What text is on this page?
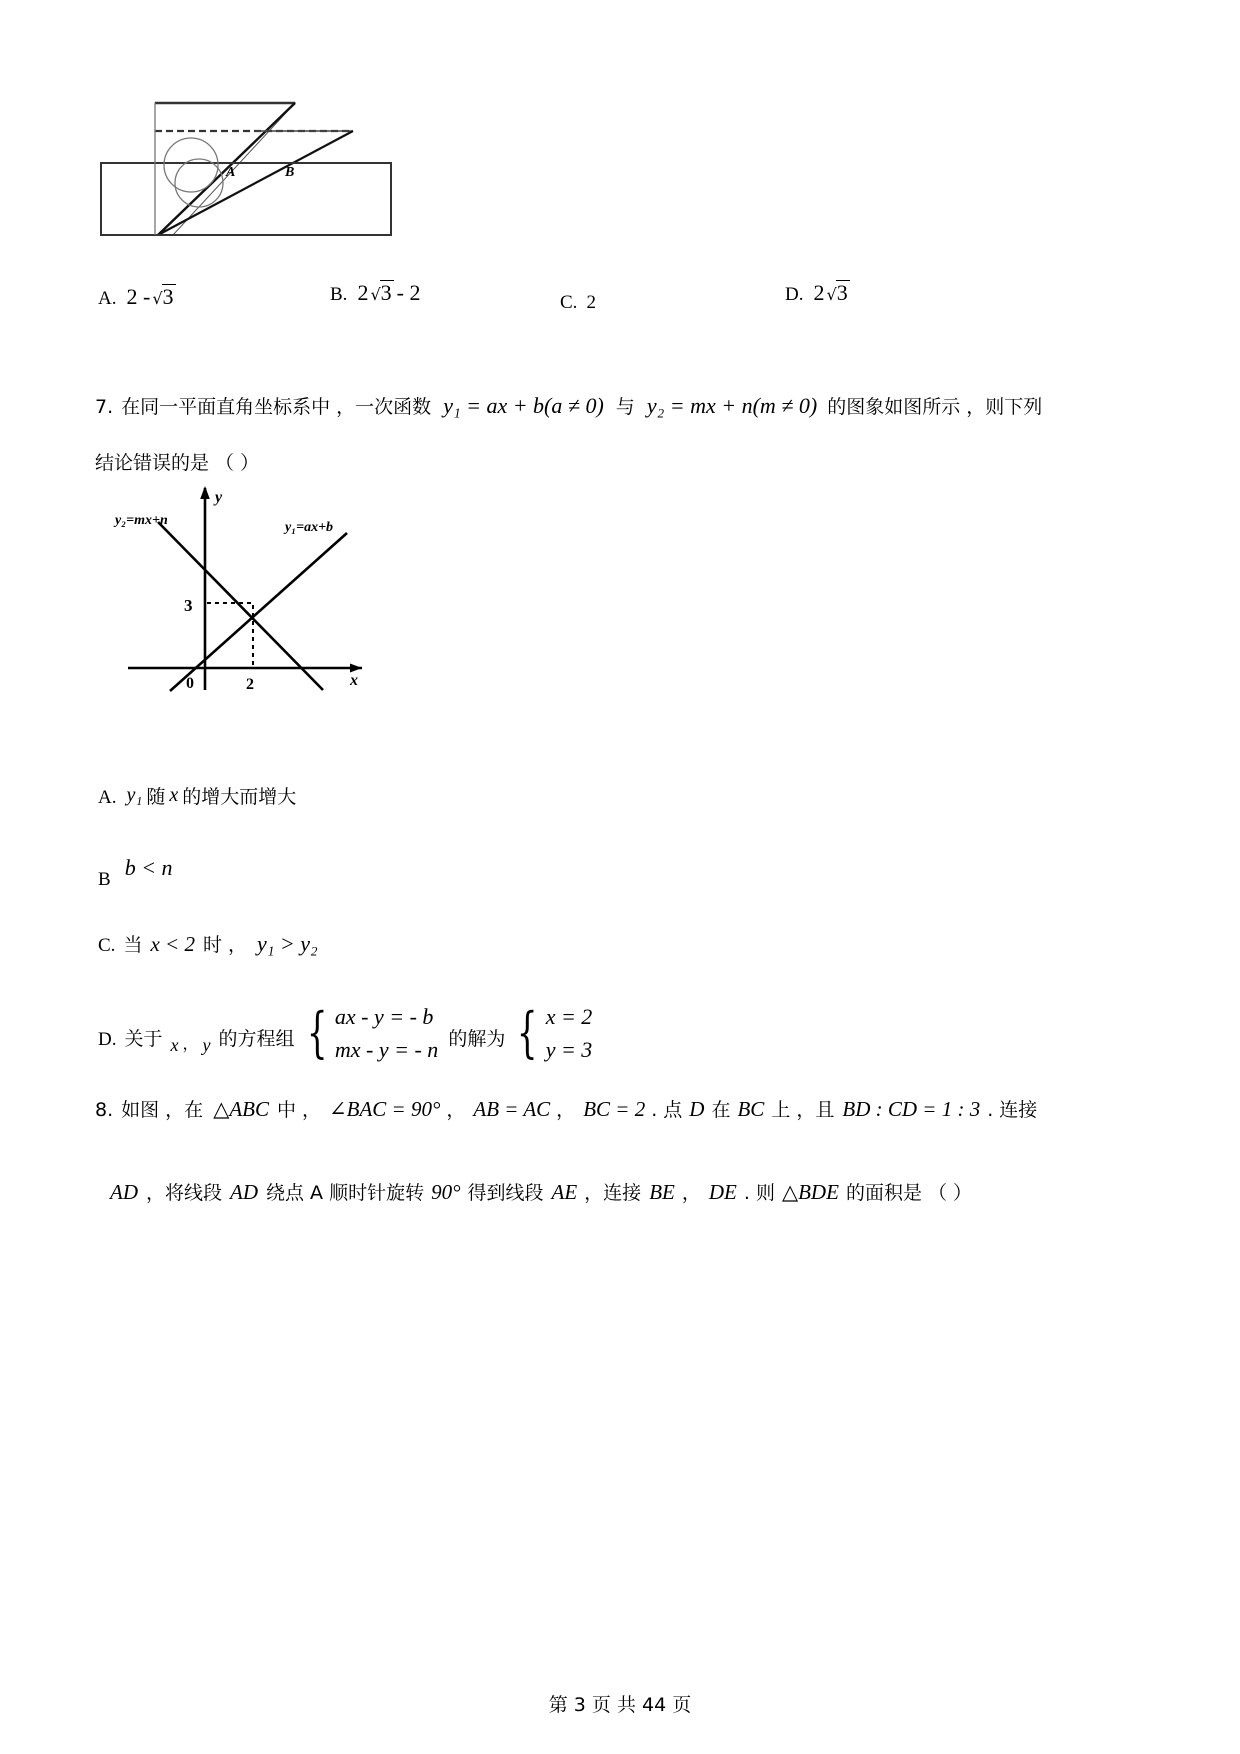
A	B
A. 2 - √3	B. 2 √3 - 2	C. 2	D. 2 √3
7. 在同一平面直角坐标系中 ，一次函数 y₁ = ax + b(a ≠ 0) 与 y₂ = mx + n(m ≠ 0) 的图象如图所示 ，则下列
结论错误的是 （ ）
y
x
0	2
3
y₂=mx+n	y₁=ax+b
A. y₁ 随 x 的增大而增大
B b < n
C. 当 x < 2 时 ， y₁ > y₂
D. 关于 x ， y 的方程组 { ax - y = - b
mx - y = - n 的解为 { x = 2
y = 3
8. 如图 ，在 △ABC 中 ， ∠BAC = 90° ， AB = AC ， BC = 2 . 点 D 在 BC 上 ，且 BD : CD = 1 : 3 . 连接
AD ，将线段 AD 绕点 A 顺时针旋转 90° 得到线段 AE ，连接 BE ， DE . 则 △BDE 的面积是 （ ）
第 3 页 共 44 页
